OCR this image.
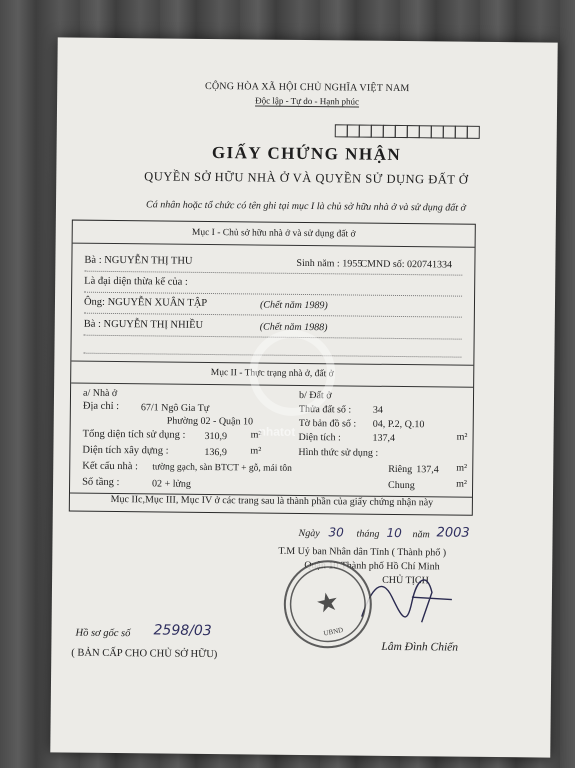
CỘNG HÒA XÃ HỘI CHỦ NGHĨA VIỆT NAM
Độc lập - Tự do - Hạnh phúc
GIẤY CHỨNG NHẬN
QUYỀN SỞ HỮU NHÀ Ở VÀ QUYỀN SỬ DỤNG ĐẤT Ở
Cá nhân hoặc tổ chức có tên ghi tại mục I là chủ sở hữu nhà ở và sử dụng đất ở
Mục I - Chủ sở hữu nhà ở và sử dụng đất ở
Bà : NGUYỄN THỊ THU	Sinh năm : 1955
CMND số: 020741334
Là đại diện thừa kế của :
Ông: NGUYỄN XUÂN TẬP	(Chết năm 1989)
Bà : NGUYỄN THỊ NHIỀU	(Chết năm 1988)
Mục II - Thực trạng nhà ở, đất ở
a/ Nhà ở
Địa chỉ : 67/1 Ngô Gia Tự
Phường 02 - Quận 10
Tổng diện tích sử dụng : 310,9 m²
Diện tích xây dựng :	136,9 m²
Kết cấu nhà : tường gạch, sàn BTCT + gỗ, mái tôn
Số tầng :	02 + lửng
b/ Đất ở
Thửa đất số : 34
Tờ bản đồ số : 04, P.2, Q.10
Diện tích :	137,4	m²
Hình thức sử dụng :
Riêng 137,4 m²
Chung	m²
Mục IIc,Mục III, Mục IV ở các trang sau là thành phần của giấy chứng nhận này
Ngày 30 tháng 10 năm 2003
T.M Uỷ ban Nhân dân Tỉnh ( Thành phố )
Quận 10 Thành phố Hồ Chí Minh
CHỦ TỊCH
★
UBND
Lâm Đình Chiến
Hồ sơ gốc số 2598/03
( BẢN CẤP CHO CHỦ SỞ HỮU)
nhatot
